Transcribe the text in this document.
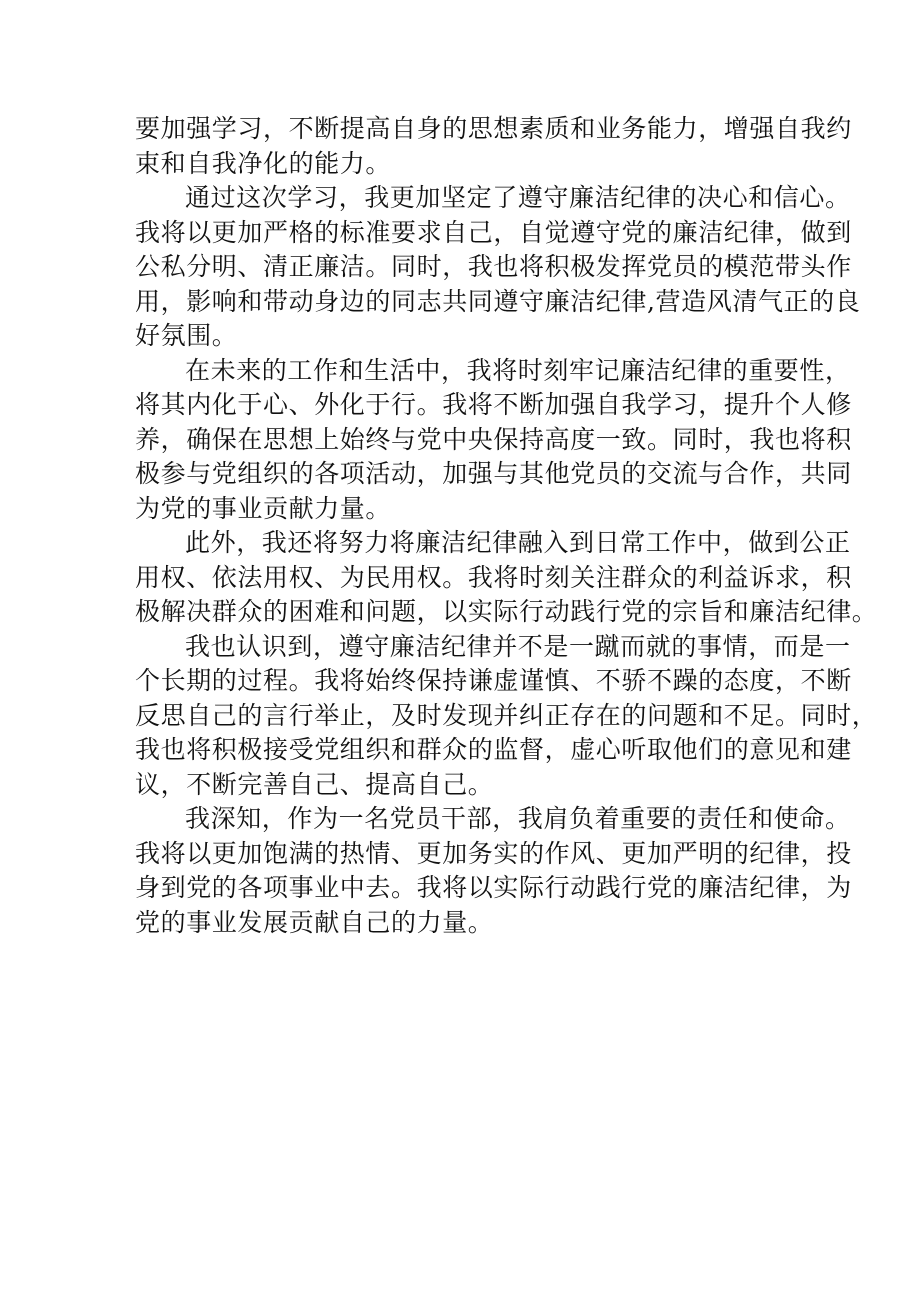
要加强学习，不断提高自身的思想素质和业务能力，增强自我约
束和自我净化的能力。
通过这次学习，我更加坚定了遵守廉洁纪律的决心和信心。
我将以更加严格的标准要求自己，自觉遵守党的廉洁纪律，做到
公私分明、清正廉洁。同时，我也将积极发挥党员的模范带头作
用，影响和带动身边的同志共同遵守廉洁纪律,营造风清气正的良
好氛围。
在未来的工作和生活中，我将时刻牢记廉洁纪律的重要性，
将其内化于心、外化于行。我将不断加强自我学习，提升个人修
养，确保在思想上始终与党中央保持高度一致。同时，我也将积
极参与党组织的各项活动，加强与其他党员的交流与合作，共同
为党的事业贡献力量。
此外，我还将努力将廉洁纪律融入到日常工作中，做到公正
用权、依法用权、为民用权。我将时刻关注群众的利益诉求，积
极解决群众的困难和问题，以实际行动践行党的宗旨和廉洁纪律。
我也认识到，遵守廉洁纪律并不是一蹴而就的事情，而是一
个长期的过程。我将始终保持谦虚谨慎、不骄不躁的态度，不断
反思自己的言行举止，及时发现并纠正存在的问题和不足。同时，
我也将积极接受党组织和群众的监督，虚心听取他们的意见和建
议，不断完善自己、提高自己。
我深知，作为一名党员干部，我肩负着重要的责任和使命。
我将以更加饱满的热情、更加务实的作风、更加严明的纪律，投
身到党的各项事业中去。我将以实际行动践行党的廉洁纪律，为
党的事业发展贡献自己的力量。
